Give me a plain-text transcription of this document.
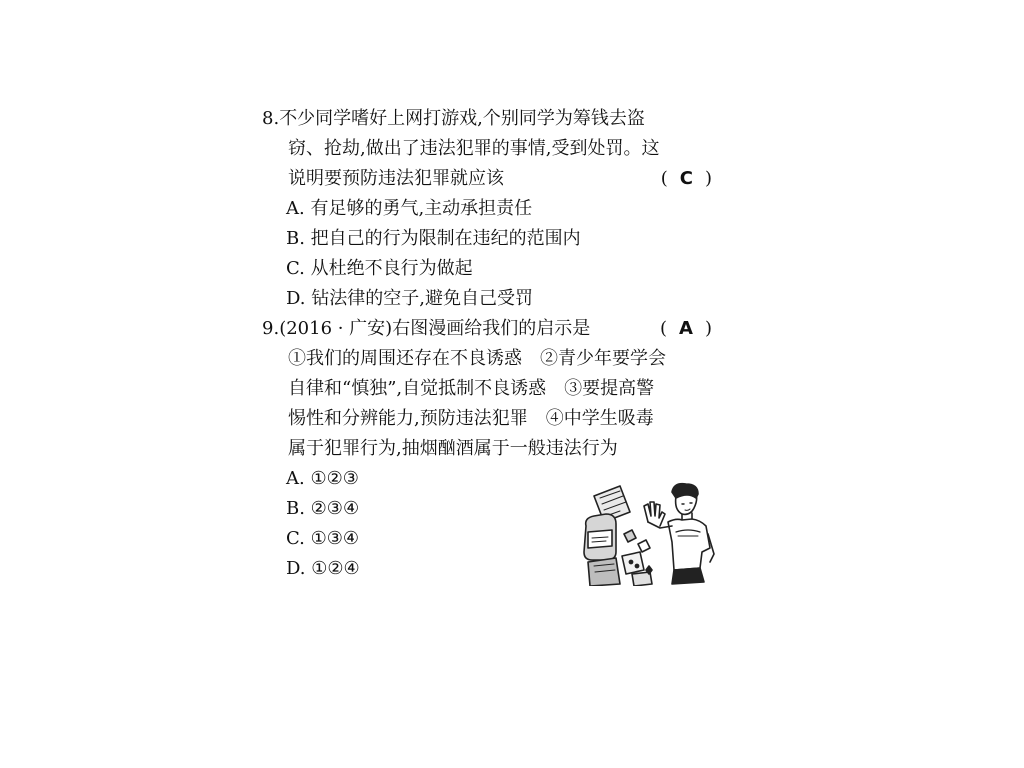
8.不少同学嗜好上网打游戏,个别同学为筹钱去盗
窃、抢劫,做出了违法犯罪的事情,受到处罚。这
说明要预防违法犯罪就应该	( C )
A. 有足够的勇气,主动承担责任
B. 把自己的行为限制在违纪的范围内
C. 从杜绝不良行为做起
D. 钻法律的空子,避免自己受罚
9.(2016 · 广安)右图漫画给我们的启示是	( A )
①我们的周围还存在不良诱惑　②青少年要学会
自律和“慎独”,自觉抵制不良诱惑　③要提高警
惕性和分辨能力,预防违法犯罪　④中学生吸毒
属于犯罪行为,抽烟酗酒属于一般违法行为
A. ①②③
B. ②③④
C. ①③④
D. ①②④
